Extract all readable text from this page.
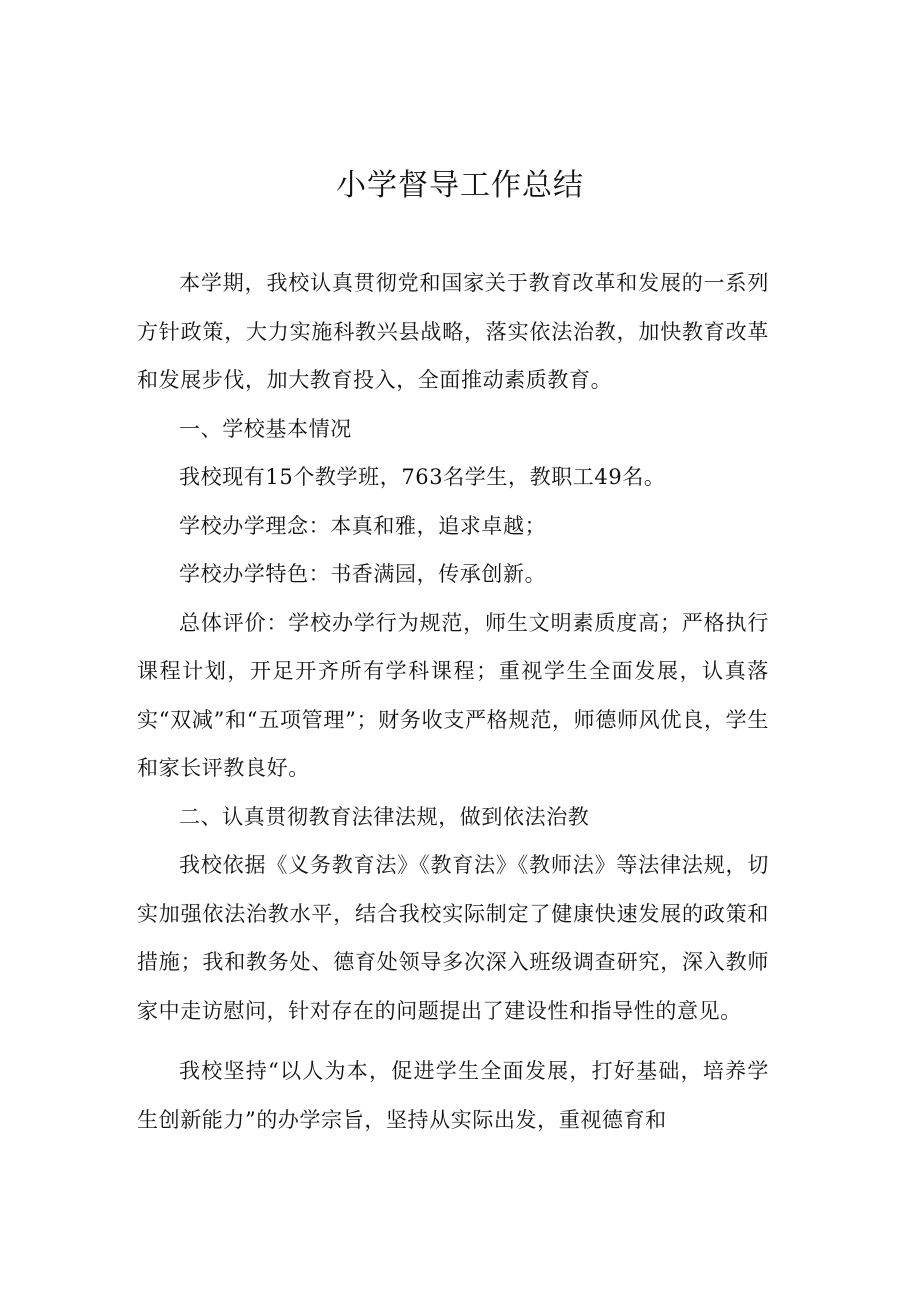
小学督导工作总结

本学期，我校认真贯彻党和国家关于教育改革和发展的一系列方针政策，大力实施科教兴县战略，落实依法治教，加快教育改革和发展步伐，加大教育投入，全面推动素质教育。

一、学校基本情况

我校现有15个教学班，763名学生，教职工49名。

学校办学理念：本真和雅，追求卓越；

学校办学特色：书香满园，传承创新。

总体评价：学校办学行为规范，师生文明素质度高；严格执行课程计划，开足开齐所有学科课程；重视学生全面发展，认真落实“双减”和“五项管理”；财务收支严格规范，师德师风优良，学生和家长评教良好。

二、认真贯彻教育法律法规，做到依法治教

我校依据《义务教育法》《教育法》《教师法》等法律法规，切实加强依法治教水平，结合我校实际制定了健康快速发展的政策和措施；我和教务处、德育处领导多次深入班级调查研究，深入教师家中走访慰问，针对存在的问题提出了建设性和指导性的意见。

我校坚持“以人为本，促进学生全面发展，打好基础，培养学生创新能力”的办学宗旨，坚持从实际出发，重视德育和
